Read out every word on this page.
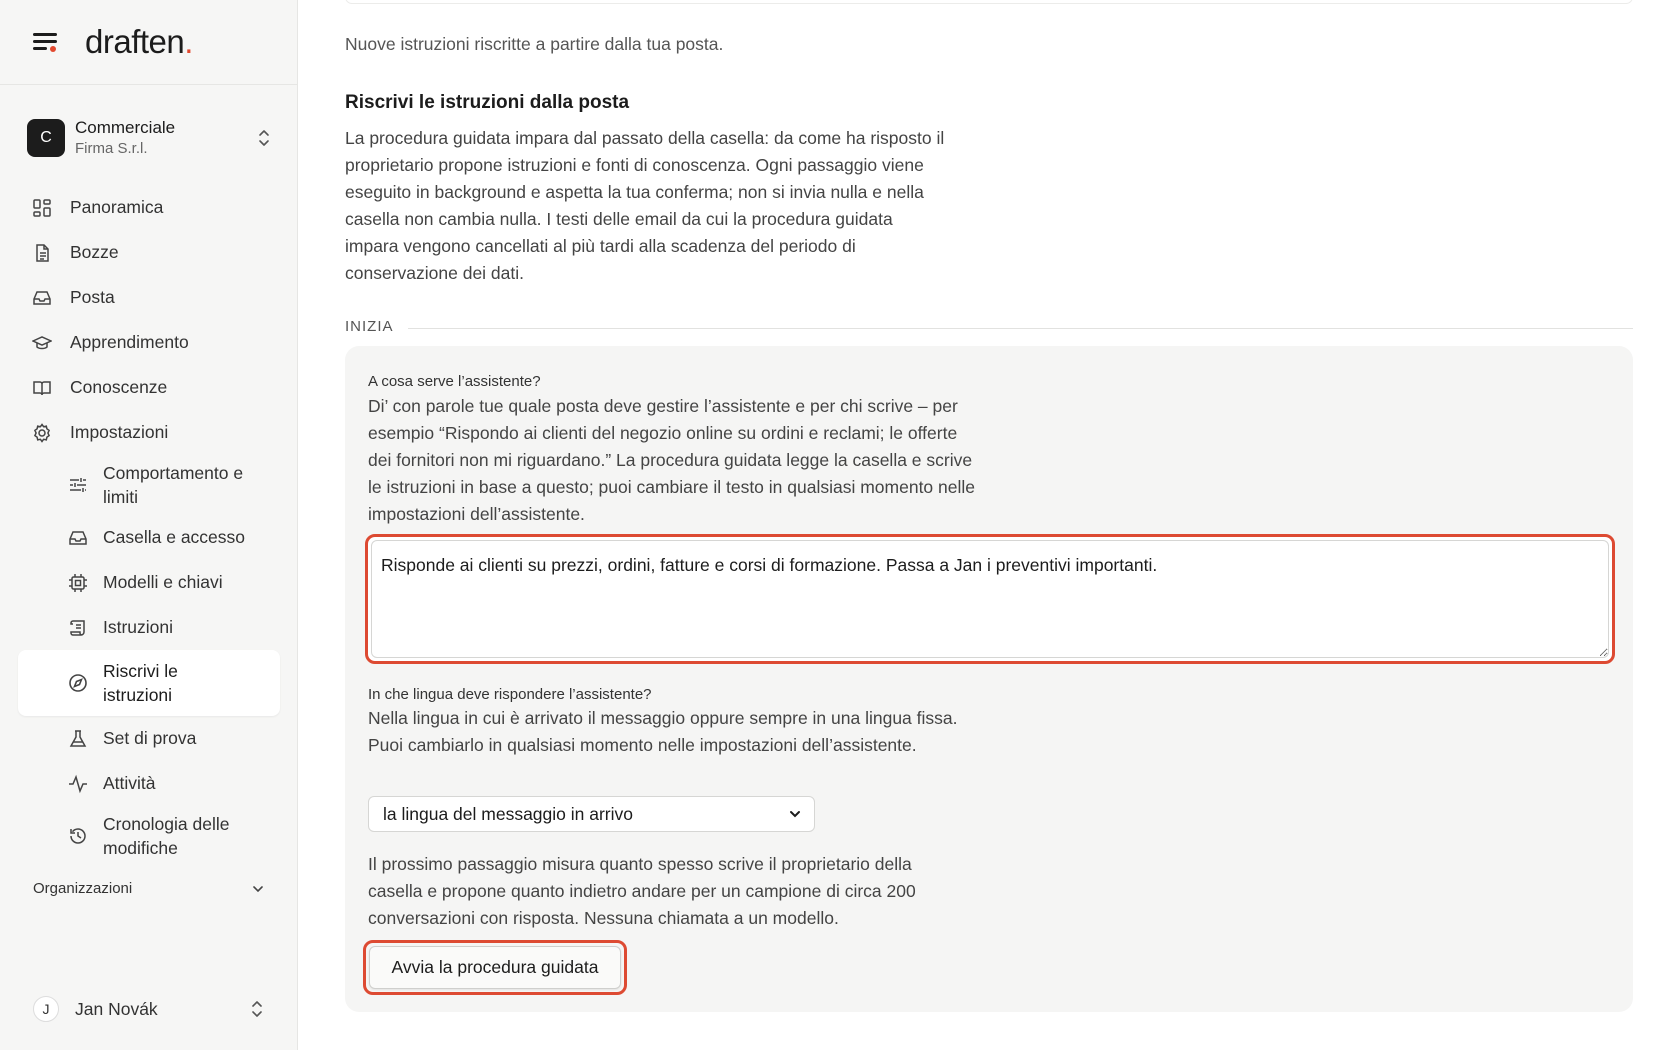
draften.
C
Commerciale
Firma S.r.l.
Panoramica
Bozze
Posta
Apprendimento
Conoscenze
Impostazioni
Comportamento e limiti
Casella e accesso
Modelli e chiavi
Istruzioni
Riscrivi le istruzioni
Set di prova
Attività
Cronologia delle modifiche
Organizzazioni
J	Jan Novák

Nuove istruzioni riscritte a partire dalla tua posta.

Riscrivi le istruzioni dalla posta

La procedura guidata impara dal passato della casella: da come ha risposto il proprietario propone istruzioni e fonti di conoscenza. Ogni passaggio viene eseguito in background e aspetta la tua conferma; non si invia nulla e nella casella non cambia nulla. I testi delle email da cui la procedura guidata impara vengono cancellati al più tardi alla scadenza del periodo di conservazione dei dati.

INIZIA
A cosa serve l’assistente?

Di’ con parole tue quale posta deve gestire l’assistente e per chi scrive – per esempio “Rispondo ai clienti del negozio online su ordini e reclami; le offerte dei fornitori non mi riguardano.” La procedura guidata legge la casella e scrive le istruzioni in base a questo; puoi cambiare il testo in qualsiasi momento nelle impostazioni dell’assistente.

Risponde ai clienti su prezzi, ordini, fatture e corsi di formazione. Passa a Jan i preventivi importanti.
In che lingua deve rispondere l’assistente?

Nella lingua in cui è arrivato il messaggio oppure sempre in una lingua fissa. Puoi cambiarlo in qualsiasi momento nelle impostazioni dell’assistente.

la lingua del messaggio in arrivo

Il prossimo passaggio misura quanto spesso scrive il proprietario della casella e propone quanto indietro andare per un campione di circa 200 conversazioni con risposta. Nessuna chiamata a un modello.

Avvia la procedura guidata
